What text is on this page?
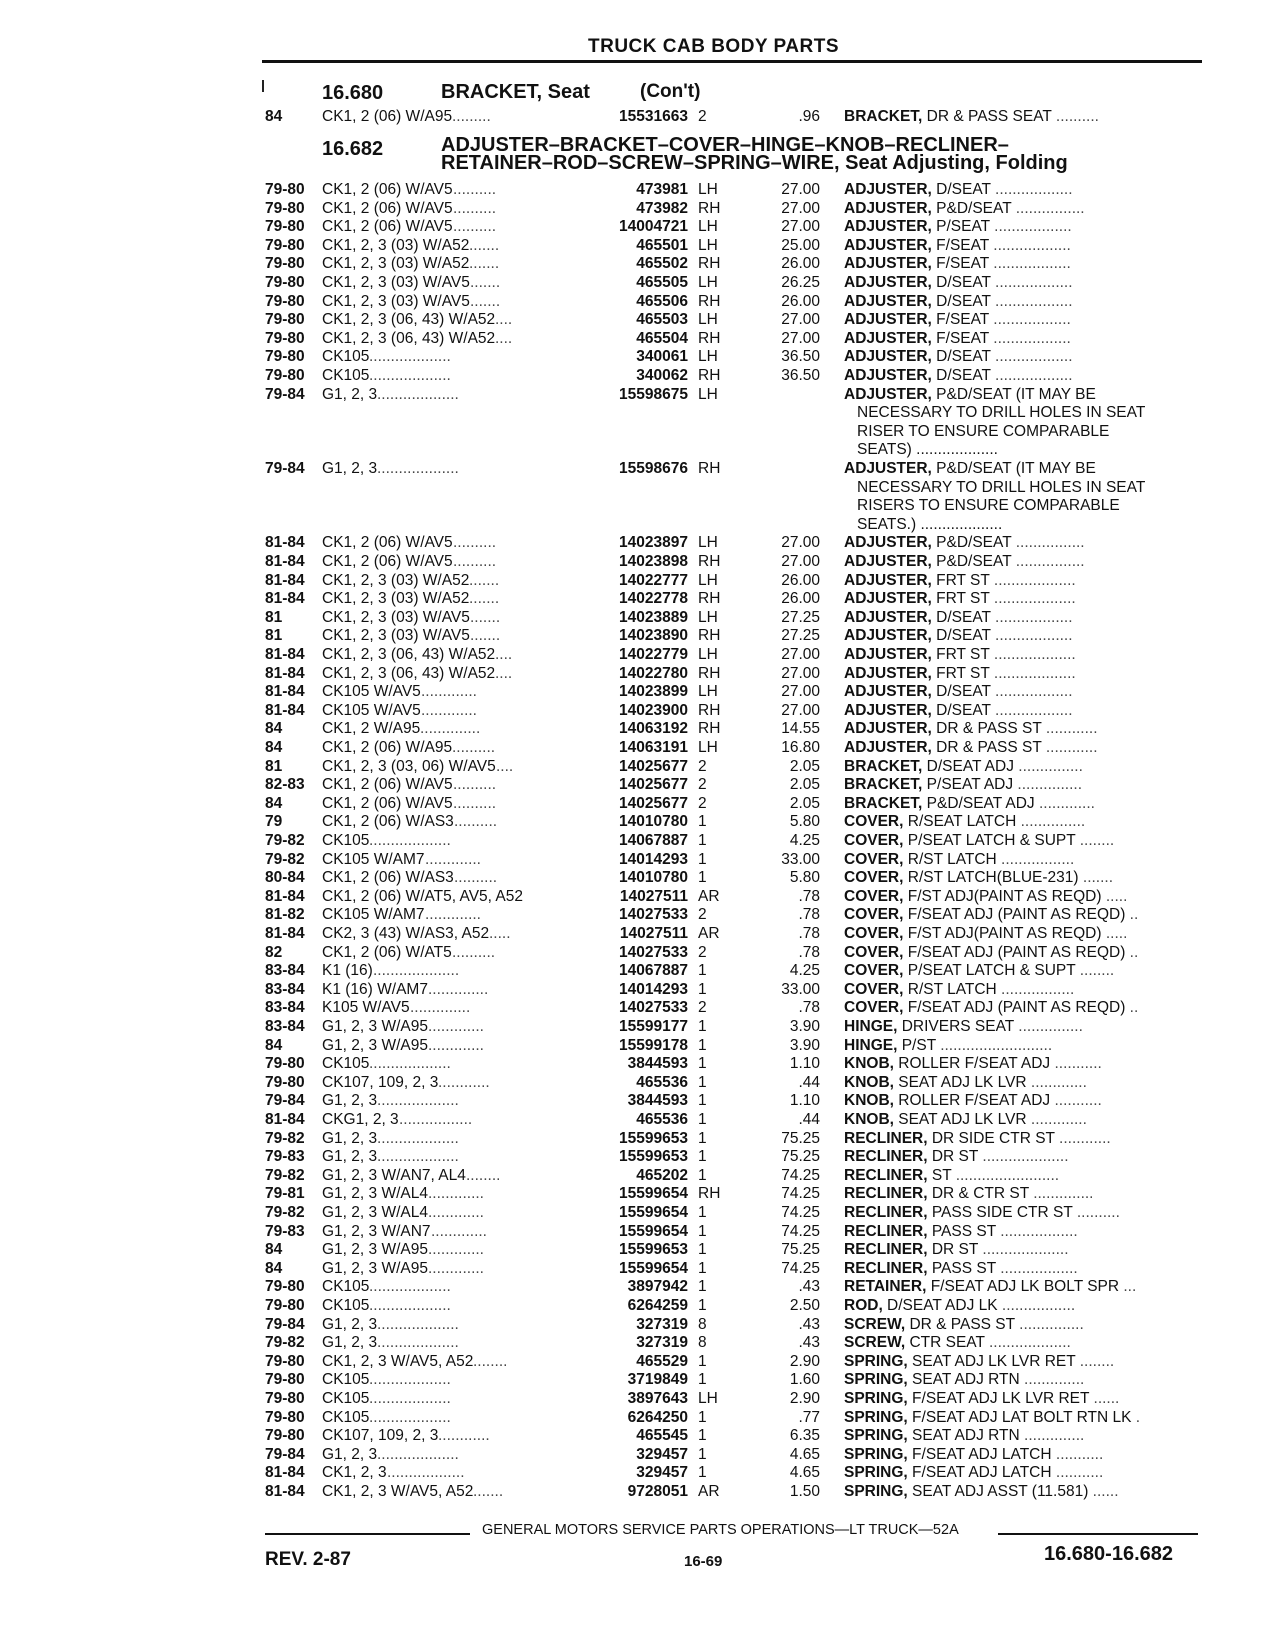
TRUCK CAB BODY PARTS
16.680	BRACKET, Seat	(Con't)
16.682	ADJUSTER–BRACKET–COVER–HINGE–KNOB–RECLINER–
RETAINER–ROD–SCREW–SPRING–WIRE, Seat Adjusting, Folding
84	CK1, 2 (06) W/A95 .........	15531663 2	.96 BRACKET, DR & PASS SEAT ..........
79-80 CK1, 2 (06) W/AV5 ..........	473981 LH	27.00 ADJUSTER, D/SEAT ..................
79-80 CK1, 2 (06) W/AV5 ..........	473982 RH	27.00 ADJUSTER, P&D/SEAT ................
79-80 CK1, 2 (06) W/AV5 ..........	14004721 LH	27.00 ADJUSTER, P/SEAT ..................
79-80 CK1, 2, 3 (03) W/A52 .......	465501 LH	25.00 ADJUSTER, F/SEAT ..................
79-80 CK1, 2, 3 (03) W/A52 .......	465502 RH	26.00 ADJUSTER, F/SEAT ..................
79-80 CK1, 2, 3 (03) W/AV5 .......	465505 LH	26.25 ADJUSTER, D/SEAT ..................
79-80 CK1, 2, 3 (03) W/AV5 .......	465506 RH	26.00 ADJUSTER, D/SEAT ..................
79-80 CK1, 2, 3 (06, 43) W/A52 ....	465503 LH	27.00 ADJUSTER, F/SEAT ..................
79-80 CK1, 2, 3 (06, 43) W/A52 ....	465504 RH	27.00 ADJUSTER, F/SEAT ..................
79-80 CK105 ...................	340061 LH	36.50 ADJUSTER, D/SEAT ..................
79-80 CK105 ...................	340062 RH	36.50 ADJUSTER, D/SEAT ..................
79-84 G1, 2, 3 ...................	15598675 LH	ADJUSTER, P&D/SEAT (IT MAY BE
NECESSARY TO DRILL HOLES IN SEAT
RISER TO ENSURE COMPARABLE
SEATS) ...................
79-84 G1, 2, 3 ...................	15598676 RH	ADJUSTER, P&D/SEAT (IT MAY BE
NECESSARY TO DRILL HOLES IN SEAT
RISERS TO ENSURE COMPARABLE
SEATS.) ...................
81-84 CK1, 2 (06) W/AV5 ..........	14023897 LH	27.00 ADJUSTER, P&D/SEAT ................
81-84 CK1, 2 (06) W/AV5 ..........	14023898 RH	27.00 ADJUSTER, P&D/SEAT ................
81-84 CK1, 2, 3 (03) W/A52 .......	14022777 LH	26.00 ADJUSTER, FRT ST ...................
81-84 CK1, 2, 3 (03) W/A52 .......	14022778 RH	26.00 ADJUSTER, FRT ST ...................
81	CK1, 2, 3 (03) W/AV5 .......	14023889 LH	27.25 ADJUSTER, D/SEAT ..................
81	CK1, 2, 3 (03) W/AV5 .......	14023890 RH	27.25 ADJUSTER, D/SEAT ..................
81-84 CK1, 2, 3 (06, 43) W/A52 ....	14022779 LH	27.00 ADJUSTER, FRT ST ...................
81-84 CK1, 2, 3 (06, 43) W/A52 ....	14022780 RH	27.00 ADJUSTER, FRT ST ...................
81-84 CK105 W/AV5 .............	14023899 LH	27.00 ADJUSTER, D/SEAT ..................
81-84 CK105 W/AV5 .............	14023900 RH	27.00 ADJUSTER, D/SEAT ..................
84	CK1, 2 W/A95 ..............	14063192 RH	14.55 ADJUSTER, DR & PASS ST ............
84	CK1, 2 (06) W/A95 ..........	14063191 LH	16.80 ADJUSTER, DR & PASS ST ............
81	CK1, 2, 3 (03, 06) W/AV5 ....	14025677 2	2.05 BRACKET, D/SEAT ADJ ...............
82-83 CK1, 2 (06) W/AV5 ..........	14025677 2	2.05 BRACKET, P/SEAT ADJ ...............
84	CK1, 2 (06) W/AV5 ..........	14025677 2	2.05 BRACKET, P&D/SEAT ADJ .............
79	CK1, 2 (06) W/AS3 ..........	14010780 1	5.80 COVER, R/SEAT LATCH ...............
79-82 CK105 ...................	14067887 1	4.25 COVER, P/SEAT LATCH & SUPT ........
79-82 CK105 W/AM7 .............	14014293 1	33.00 COVER, R/ST LATCH .................
80-84 CK1, 2 (06) W/AS3 ..........	14010780 1	5.80 COVER, R/ST LATCH(BLUE-231) .......
81-84 CK1, 2 (06) W/AT5, AV5, A52	14027511 AR	.78 COVER, F/ST ADJ(PAINT AS REQD) .....
81-82 CK105 W/AM7 .............	14027533 2	.78 COVER, F/SEAT ADJ (PAINT AS REQD) ..
81-84 CK2, 3 (43) W/AS3, A52 .....	14027511 AR	.78 COVER, F/ST ADJ(PAINT AS REQD) .....
82	CK1, 2 (06) W/AT5 ..........	14027533 2	.78 COVER, F/SEAT ADJ (PAINT AS REQD) ..
83-84 K1 (16) ....................	14067887 1	4.25 COVER, P/SEAT LATCH & SUPT ........
83-84 K1 (16) W/AM7 ..............	14014293 1	33.00 COVER, R/ST LATCH .................
83-84 K105 W/AV5 ..............	14027533 2	.78 COVER, F/SEAT ADJ (PAINT AS REQD) ..
83-84 G1, 2, 3 W/A95 .............	15599177 1	3.90 HINGE, DRIVERS SEAT ...............
84	G1, 2, 3 W/A95 .............	15599178 1	3.90 HINGE, P/ST ..........................
79-80 CK105 ...................	3844593 1	1.10 KNOB, ROLLER F/SEAT ADJ ...........
79-80 CK107, 109, 2, 3 ............	465536 1	.44 KNOB, SEAT ADJ LK LVR .............
79-84 G1, 2, 3 ...................	3844593 1	1.10 KNOB, ROLLER F/SEAT ADJ ...........
81-84 CKG1, 2, 3 .................	465536 1	.44 KNOB, SEAT ADJ LK LVR .............
79-82 G1, 2, 3 ...................	15599653 1	75.25 RECLINER, DR SIDE CTR ST ............
79-83 G1, 2, 3 ...................	15599653 1	75.25 RECLINER, DR ST ....................
79-82 G1, 2, 3 W/AN7, AL4 ........	465202 1	74.25 RECLINER, ST ........................
79-81 G1, 2, 3 W/AL4 .............	15599654 RH	74.25 RECLINER, DR & CTR ST ..............
79-82 G1, 2, 3 W/AL4 .............	15599654 1	74.25 RECLINER, PASS SIDE CTR ST ..........
79-83 G1, 2, 3 W/AN7 .............	15599654 1	74.25 RECLINER, PASS ST ..................
84	G1, 2, 3 W/A95 .............	15599653 1	75.25 RECLINER, DR ST ....................
84	G1, 2, 3 W/A95 .............	15599654 1	74.25 RECLINER, PASS ST ..................
79-80 CK105 ...................	3897942 1	.43 RETAINER, F/SEAT ADJ LK BOLT SPR ...
79-80 CK105 ...................	6264259 1	2.50 ROD, D/SEAT ADJ LK .................
79-84 G1, 2, 3 ...................	327319 8	.43 SCREW, DR & PASS ST ...............
79-82 G1, 2, 3 ...................	327319 8	.43 SCREW, CTR SEAT ...................
79-80 CK1, 2, 3 W/AV5, A52 ........	465529 1	2.90 SPRING, SEAT ADJ LK LVR RET ........
79-80 CK105 ...................	3719849 1	1.60 SPRING, SEAT ADJ RTN ..............
79-80 CK105 ...................	3897643 LH	2.90 SPRING, F/SEAT ADJ LK LVR RET ......
79-80 CK105 ...................	6264250 1	.77 SPRING, F/SEAT ADJ LAT BOLT RTN LK .
79-80 CK107, 109, 2, 3 ............	465545 1	6.35 SPRING, SEAT ADJ RTN ..............
79-84 G1, 2, 3 ...................	329457 1	4.65 SPRING, F/SEAT ADJ LATCH ...........
81-84 CK1, 2, 3 ..................	329457 1	4.65 SPRING, F/SEAT ADJ LATCH ...........
81-84 CK1, 2, 3 W/AV5, A52 .......	9728051 AR	1.50 SPRING, SEAT ADJ ASST (11.581) ......
GENERAL MOTORS SERVICE PARTS OPERATIONS—LT TRUCK—52A
REV. 2-87	16-69	16.680-16.682
